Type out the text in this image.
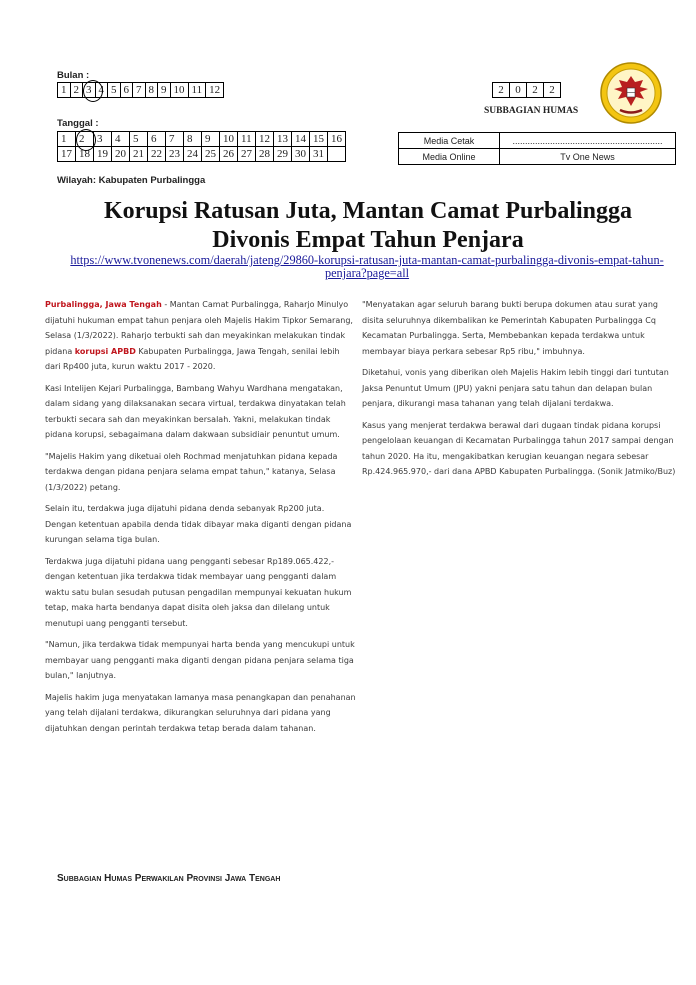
Bulan :
1	2	3	4	5	6	7	8	9	10	11	12
Tanggal :
1	2	3	4	5	6	7	8	9	10	11	12	13	14	15	16
17	18	19	20	21	22	23	24	25	26	27	28	29	30	31	
2	0	2	2
SUBBAGIAN HUMAS
Media Cetak	............................................................
Media Online	Tv One News
Wilayah: Kabupaten Purbalingga
Korupsi Ratusan Juta, Mantan Camat Purbalingga
Divonis Empat Tahun Penjara
https://www.tvonenews.com/daerah/jateng/29860-korupsi-ratusan-juta-mantan-camat-purbalingga-divonis-empat-tahun-
penjara?page=all

Purbalingga, Jawa Tengah - Mantan Camat Purbalingga, Raharjo Minulyo dijatuhi hukuman empat tahun penjara oleh Majelis Hakim Tipkor Semarang, Selasa (1/3/2022). Raharjo terbukti sah dan meyakinkan melakukan tindak pidana korupsi APBD Kabupaten Purbalingga, Jawa Tengah, senilai lebih dari Rp400 juta, kurun waktu 2017 - 2020.

Kasi Intelijen Kejari Purbalingga, Bambang Wahyu Wardhana mengatakan, dalam sidang yang dilaksanakan secara virtual, terdakwa dinyatakan telah terbukti secara sah dan meyakinkan bersalah. Yakni, melakukan tindak pidana korupsi, sebagaimana dalam dakwaan subsidiair penuntut umum.

"Majelis Hakim yang diketuai oleh Rochmad menjatuhkan pidana kepada terdakwa dengan pidana penjara selama empat tahun," katanya, Selasa (1/3/2022) petang.

Selain itu, terdakwa juga dijatuhi pidana denda sebanyak Rp200 juta. Dengan ketentuan apabila denda tidak dibayar maka diganti dengan pidana kurungan selama tiga bulan.

Terdakwa juga dijatuhi pidana uang pengganti sebesar Rp189.065.422,- dengan ketentuan jika terdakwa tidak membayar uang pengganti dalam waktu satu bulan sesudah putusan pengadilan mempunyai kekuatan hukum tetap, maka harta bendanya dapat disita oleh jaksa dan dilelang untuk menutupi uang pengganti tersebut.

"Namun, jika terdakwa tidak mempunyai harta benda yang mencukupi untuk membayar uang pengganti maka diganti dengan pidana penjara selama tiga bulan," lanjutnya.

Majelis hakim juga menyatakan lamanya masa penangkapan dan penahanan yang telah dijalani terdakwa, dikurangkan seluruhnya dari pidana yang dijatuhkan dengan perintah terdakwa tetap berada dalam tahanan.

"Menyatakan agar seluruh barang bukti berupa dokumen atau surat yang disita seluruhnya dikembalikan ke Pemerintah Kabupaten Purbalingga Cq Kecamatan Purbalingga. Serta, Membebankan kepada terdakwa untuk membayar biaya perkara sebesar Rp5 ribu," imbuhnya.

Diketahui, vonis yang diberikan oleh Majelis Hakim lebih tinggi dari tuntutan Jaksa Penuntut Umum (JPU) yakni penjara satu tahun dan delapan bulan penjara, dikurangi masa tahanan yang telah dijalani terdakwa.

Kasus yang menjerat terdakwa berawal dari dugaan tindak pidana korupsi pengelolaan keuangan di Kecamatan Purbalingga tahun 2017 sampai dengan tahun 2020. Ha itu, mengakibatkan kerugian keuangan negara sebesar Rp.424.965.970,- dari dana APBD Kabupaten Purbalingga. (Sonik Jatmiko/Buz)

Subbagian Humas Perwakilan Provinsi Jawa Tengah
